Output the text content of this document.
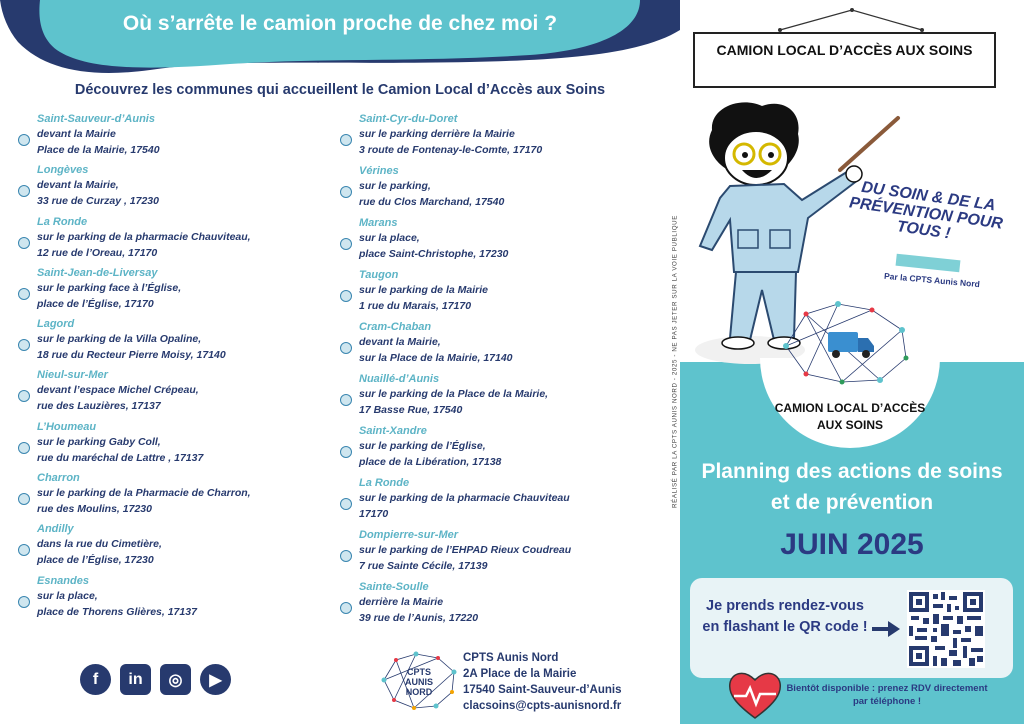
Où s’arrête le camion proche de chez moi ?
Découvrez les communes qui accueillent le Camion Local d’Accès aux Soins
Saint-Sauveur-d’Aunis
devant la Mairie
Place de la Mairie, 17540
Longèves
devant la Mairie,
33 rue de Curzay , 17230
La Ronde
sur le parking de la pharmacie Chauviteau,
12 rue de l’Oreau, 17170
Saint-Jean-de-Liversay
sur le parking face à l’Église,
place de l’Église, 17170
Lagord
sur le parking de la Villa Opaline,
18 rue du Recteur Pierre Moisy, 17140
Nieul-sur-Mer
devant l’espace Michel Crépeau,
rue des Lauzières, 17137
L’Houmeau
sur le parking Gaby Coll,
rue du maréchal de Lattre , 17137
Charron
sur le parking de la Pharmacie de Charron,
rue des Moulins, 17230
Andilly
dans la rue du Cimetière,
place de l’Église, 17230
Esnandes
sur la place,
place de Thorens Glières, 17137
Saint-Cyr-du-Doret
sur le parking derrière la Mairie
3 route de Fontenay-le-Comte, 17170
Vérines
sur le parking,
rue du Clos Marchand, 17540
Marans
sur la place,
place Saint-Christophe, 17230
Taugon
sur le parking de la Mairie
1 rue du Marais, 17170
Cram-Chaban
devant la Mairie,
sur la Place de la Mairie, 17140
Nuaillé-d’Aunis
sur le parking de la Place de la Mairie,
17 Basse Rue, 17540
Saint-Xandre
sur le parking de l’Église,
place de la Libération, 17138
La Ronde
sur le parking de la pharmacie Chauviteau
17170
Dompierre-sur-Mer
sur le parking de l’EHPAD Rieux Coudreau
7 rue Sainte Cécile, 17139
Sainte-Soulle
derrière la Mairie
39 rue de l’Aunis, 17220
RÉALISÉ PAR LA CPTS AUNIS NORD - 2025 - NE PAS JETER SUR LA VOIE PUBLIQUE
f	in	◎	▶	CPTS
AUNIS
NORD
CPTS Aunis Nord
2A Place de la Mairie
17540 Saint-Sauveur-d’Aunis
clacsoins@cpts-aunisnord.fr
CAMION LOCAL D’ACCÈS AUX SOINS
DU SOIN & DE LA PRÉVENTION POUR TOUS !
Par la CPTS Aunis Nord
CAMION LOCAL D’ACCÈS AUX SOINS
Planning des actions de soins et de prévention
JUIN 2025
Je prends rendez-vous en flashant le QR code !
Bientôt disponible : prenez RDV directement par téléphone !
